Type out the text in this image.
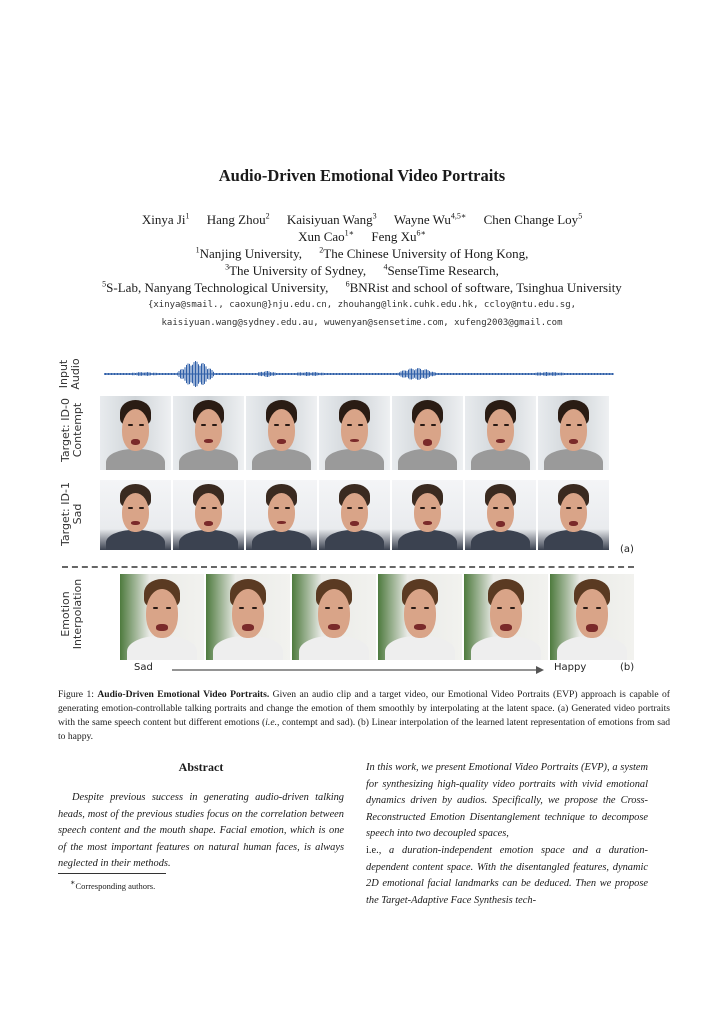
Audio-Driven Emotional Video Portraits
Xinya Ji$^1$ Hang Zhou$^2$ Kaisiyuan Wang$^3$ Wayne $Wu^{4,5∗}$ Chen Change Loy$^5$
Xun Cao$^{1∗}$ Feng $Xu^{6∗}$
$^1$Nanjing University, $^2$The Chinese University of Hong Kong,
$^3$The University of Sydney, $^4$SenseTime Research,
$^5$S-Lab, Nanyang Technological University, $^6$BNRist and school of software, Tsinghua University
{xinya@smail., caoxun@}nju.edu.cn, zhouhang@link.cuhk.edu.hk, ccloy@ntu.edu.sg,
kaisiyuan.wang@sydney.edu.au, wuwenyan@sensetime.com, xufeng2003@gmail.com
Input Audio
Target: ID-0 Contempt
Target: ID-1 Sad
Emotion Interpolation
(a)
Sad	Happy	(b)
Figure 1: Audio-Driven Emotional Video Portraits. Given an audio clip and a target video, our Emotional Video Portraits (EVP) approach is capable of generating emotion-controllable talking portraits and change the emotion of them smoothly by interpolating at the latent space. (a) Generated video portraits with the same speech content but different emotions (i.e., contempt and sad). (b) Linear interpolation of the learned latent representation of emotions from sad to happy.
Abstract
Despite previous success in generating audio-driven talking heads, most of the previous studies focus on the correlation between speech content and the mouth shape. Facial emotion, which is one of the most important features on natural human faces, is always neglected in their methods.
∗Corresponding authors.
In this work, we present Emotional Video Portraits (EVP), a system for synthesizing high-quality video portraits with vivid emotional dynamics driven by audios. Specifically, we propose the Cross-Reconstructed Emotion Disentanglement technique to decompose speech into two decoupled spaces,
i.e., a duration-independent emotion space and a duration-dependent content space. With the disentangled features, dynamic 2D emotional facial landmarks can be deduced. Then we propose the Target-Adaptive Face Synthesis tech-
